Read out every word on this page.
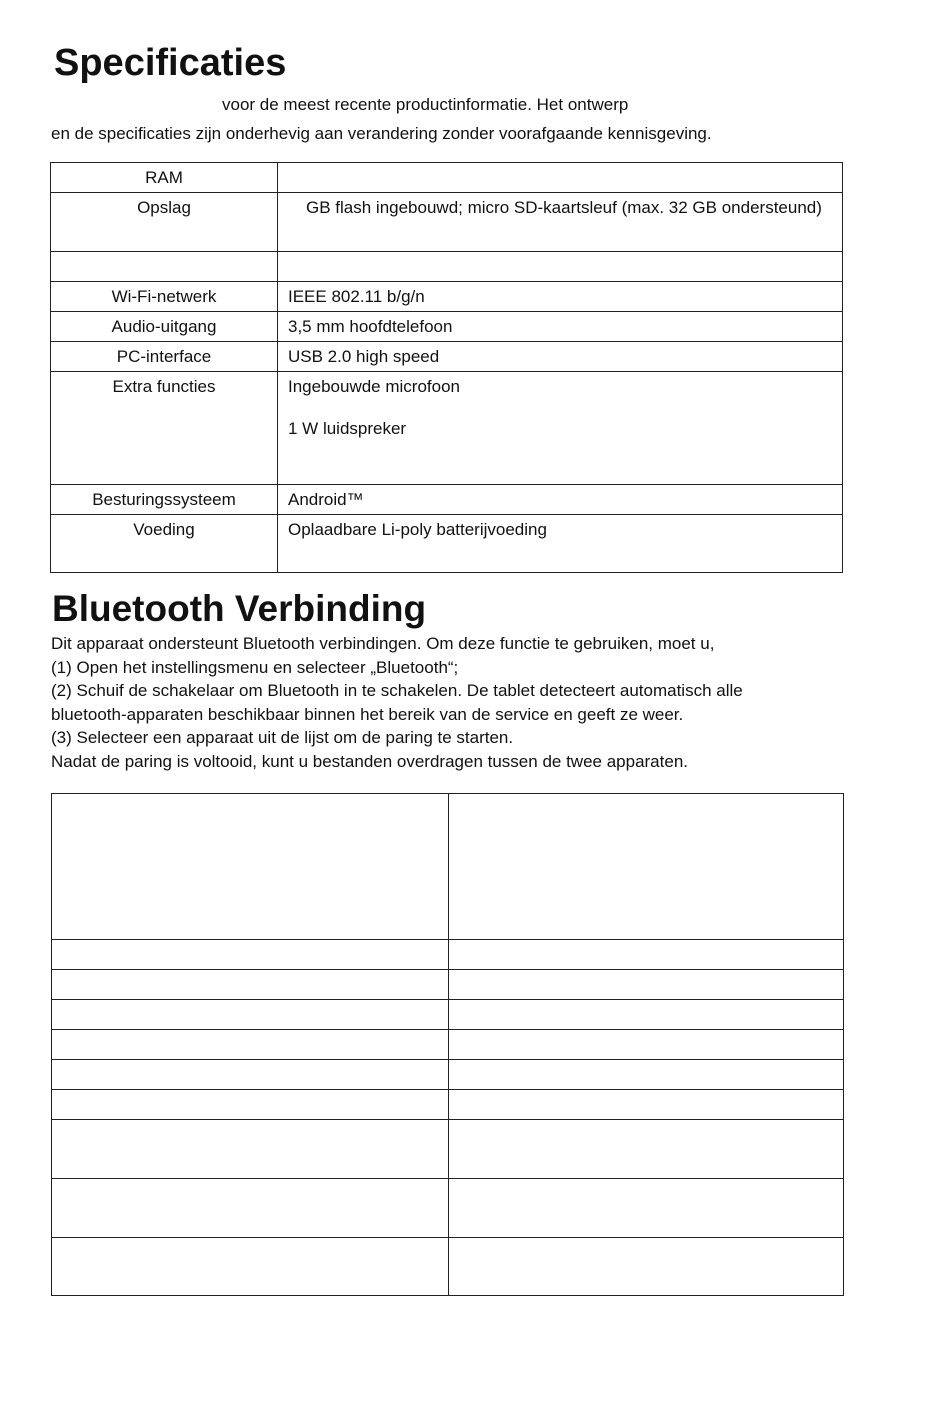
Specificaties

voor de meest recente productinformatie. Het ontwerp

en de specificaties zijn onderhevig aan verandering zonder voorafgaande kennisgeving.

RAM	
Opslag	GB flash ingebouwd; micro SD-kaartsleuf (max. 32 GB ondersteund)

Wi-Fi-netwerk	IEEE 802.11 b/g/n
Audio-uitgang	3,5 mm hoofdtelefoon
PC-interface	USB 2.0 high speed
Extra functies	Ingebouwde microfoon
1 W luidspreker

Besturingssysteem	Android™
Voeding	Oplaadbare Li-poly batterijvoeding
Bluetooth Verbinding

Dit apparaat ondersteunt Bluetooth verbindingen. Om deze functie te gebruiken, moet u,

(1) Open het instellingsmenu en selecteer „Bluetooth“;

(2) Schuif de schakelaar om Bluetooth in te schakelen. De tablet detecteert automatisch alle

bluetooth-apparaten beschikbaar binnen het bereik van de service en geeft ze weer.

(3) Selecteer een apparaat uit de lijst om de paring te starten.

Nadat de paring is voltooid, kunt u bestanden overdragen tussen de twee apparaten.
